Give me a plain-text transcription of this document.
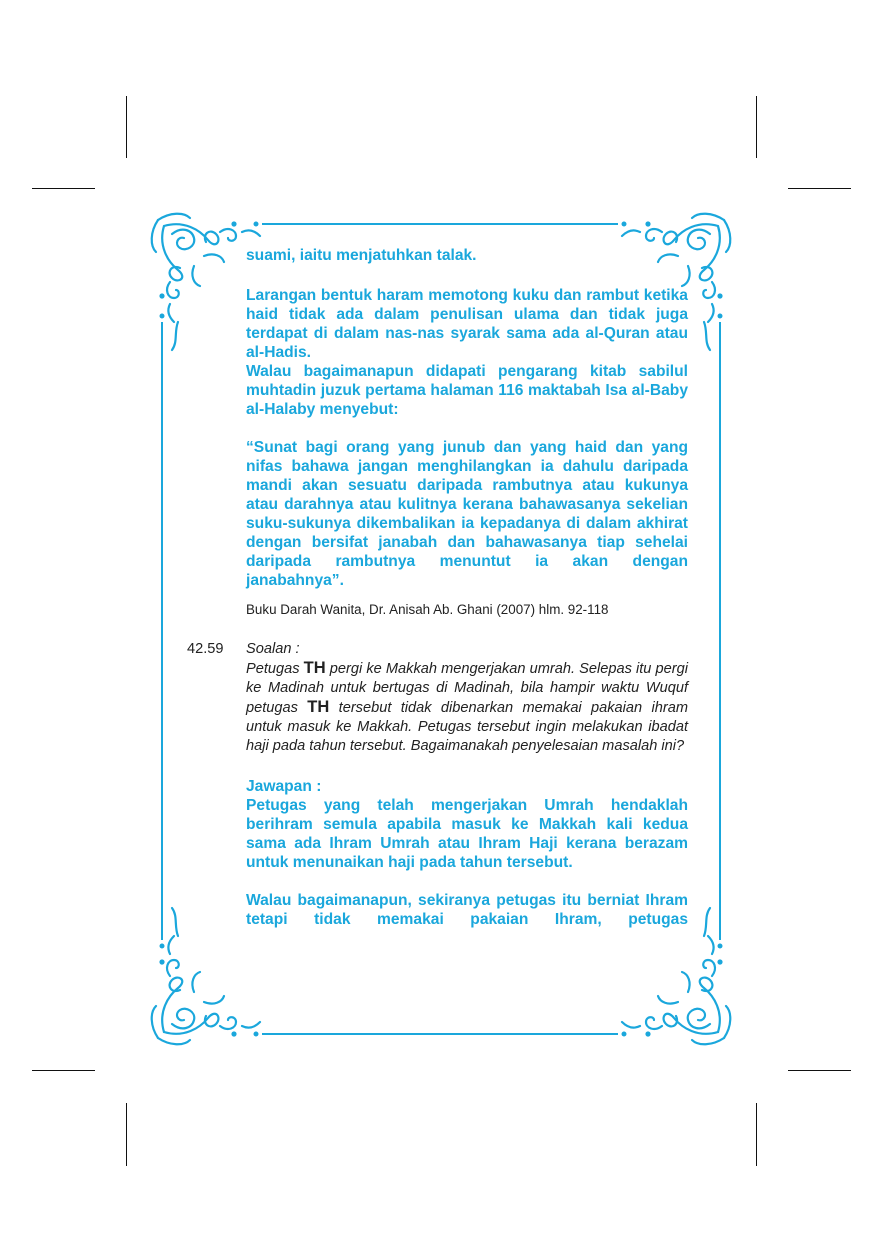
suami, iaitu menjatuhkan talak.

Larangan bentuk haram memotong kuku dan rambut ketika haid tidak ada dalam penulisan ulama dan tidak juga terdapat di dalam nas-nas syarak sama ada al-Quran atau al-Hadis.

Walau bagaimanapun didapati pengarang kitab sabilul muhtadin juzuk pertama halaman 116 maktabah Isa al-Baby al-Halaby menyebut:

“Sunat bagi orang yang junub dan yang haid dan yang nifas bahawa jangan menghilangkan ia dahulu daripada mandi akan sesuatu daripada rambutnya atau kukunya atau darahnya atau kulitnya kerana bahawasanya sekelian suku-sukunya dikembalikan ia kepadanya di dalam akhirat dengan bersifat janabah dan bahawasanya tiap sehelai daripada rambutnya menuntut ia akan dengan janabahnya”.

Buku Darah Wanita, Dr. Anisah Ab. Ghani (2007) hlm. 92-118

42.59 Soalan :

Petugas TH pergi ke Makkah mengerjakan umrah. Selepas itu pergi ke Madinah untuk bertugas di Madinah, bila hampir waktu Wuquf petugas TH tersebut tidak dibenarkan memakai pakaian ihram untuk masuk ke Makkah. Petugas tersebut ingin melakukan ibadat haji pada tahun tersebut. Bagaimanakah penyelesaian masalah ini?

Jawapan :

Petugas yang telah mengerjakan Umrah hendaklah berihram semula apabila masuk ke Makkah kali kedua sama ada Ihram Umrah atau Ihram Haji kerana berazam untuk menunaikan haji pada tahun tersebut.

Walau bagaimanapun, sekiranya petugas itu berniat Ihram tetapi tidak memakai pakaian Ihram, petugas
